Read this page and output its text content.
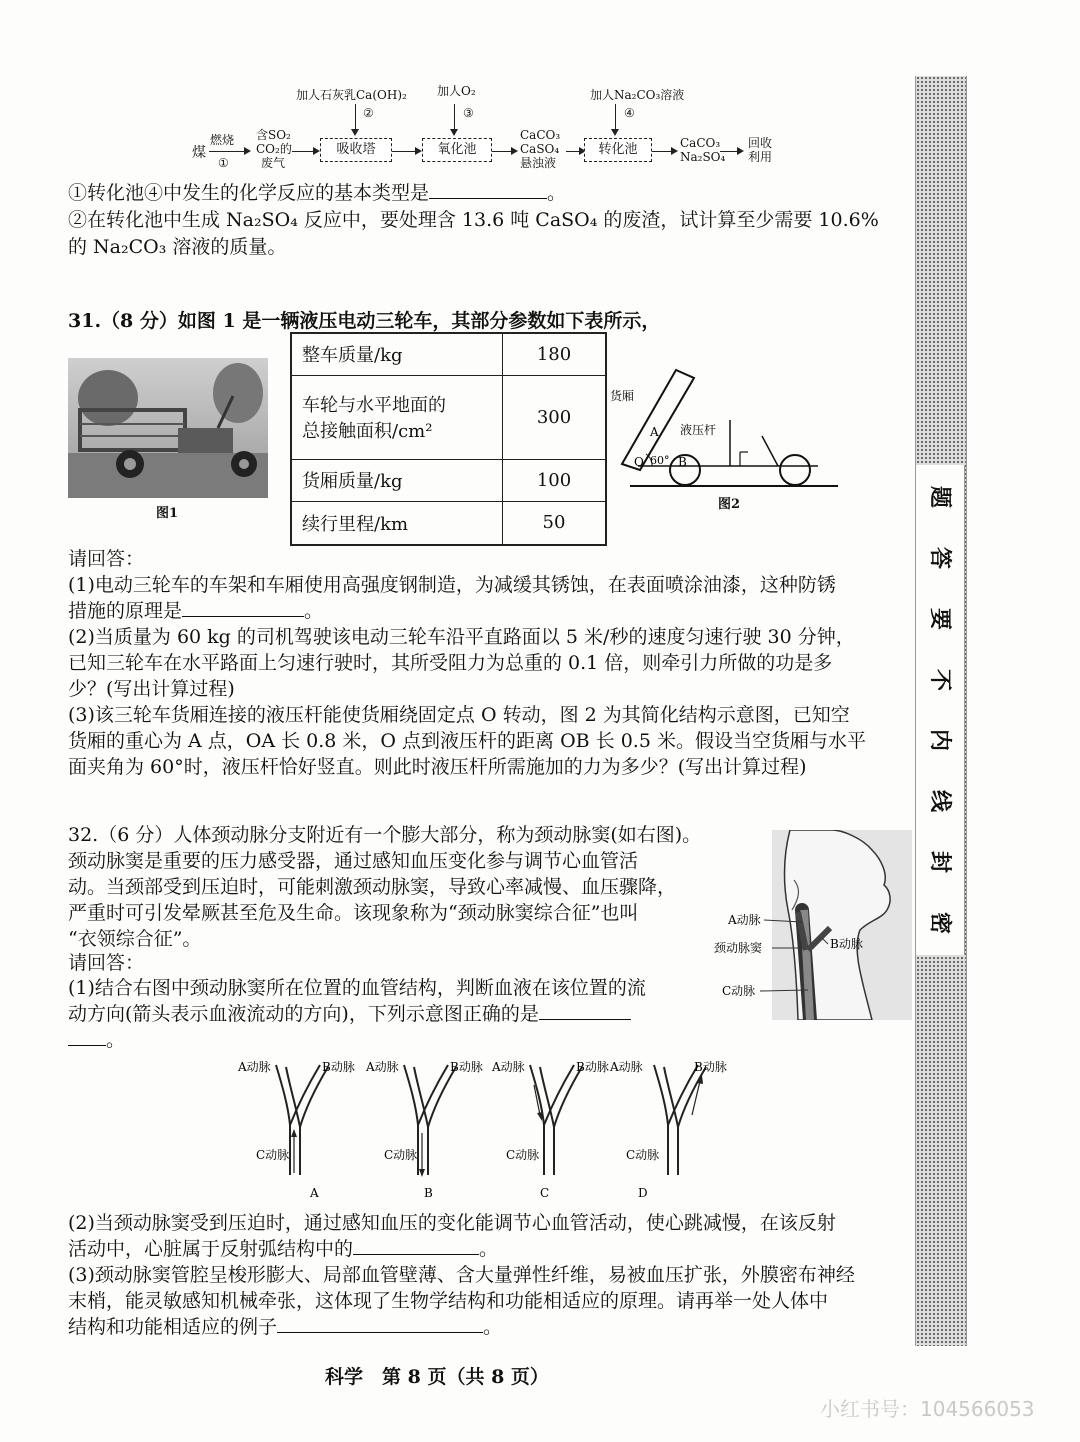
煤
燃烧
①
含SO₂
CO₂的
废气
加人石灰乳Ca(OH)₂
②
吸收塔
加人O₂
③
氧化池
CaCO₃
CaSO₄
悬浊液
加人Na₂CO₃溶液
④
转化池	CaCO₃
Na₂SO₄
回收
利用
①转化池④中发生的化学反应的基本类型是	。
②在转化池中生成 Na₂SO₄ 反应中，要处理含 13.6 吨 CaSO₄ 的废渣，试计算至少需要 10.6%
的 Na₂CO₃ 溶液的质量。
31.（8 分）如图 1 是一辆液压电动三轮车，其部分参数如下表所示，
图1
整车质量/kg	180

车轮与水平地面的
总接触面积/cm²	300
货厢质量/kg	100
续行里程/km	50
货厢
液压杆
A
O 60° B
图2
请回答：
(1)电动三轮车的车架和车厢使用高强度钢制造，为减缓其锈蚀，在表面喷涂油漆，这种防锈
措施的原理是	。
(2)当质量为 60 kg 的司机驾驶该电动三轮车沿平直路面以 5 米/秒的速度匀速行驶 30 分钟，
已知三轮车在水平路面上匀速行驶时，其所受阻力为总重的 0.1 倍，则牵引力所做的功是多
少？(写出计算过程)
(3)该三轮车货厢连接的液压杆能使货厢绕固定点 O 转动，图 2 为其简化结构示意图，已知空
货厢的重心为 A 点，OA 长 0.8 米，O 点到液压杆的距离 OB 长 0.5 米。假设当空货厢与水平
面夹角为 60°时，液压杆恰好竖直。则此时液压杆所需施加的力为多少？(写出计算过程)
32.（6 分）人体颈动脉分支附近有一个膨大部分，称为颈动脉窦(如右图)。
颈动脉窦是重要的压力感受器，通过感知血压变化参与调节心血管活
动。当颈部受到压迫时，可能刺激颈动脉窦，导致心率减慢、血压骤降，
严重时可引发晕厥甚至危及生命。该现象称为“颈动脉窦综合征”也叫
“衣领综合征”。
请回答：
(1)结合右图中颈动脉窦所在位置的血管结构，判断血液在该位置的流
动方向(箭头表示血液流动的方向)，下列示意图正确的是
。
A动脉
颈动脉窦	B动脉
C动脉
A动脉	B动脉
C动脉
A
A动脉	B动脉
C动脉
B
A动脉	B动脉
C动脉
C
A动脉	B动脉
C动脉
D
(2)当颈动脉窦受到压迫时，通过感知血压的变化能调节心血管活动，使心跳减慢，在该反射
活动中，心脏属于反射弧结构中的	。
(3)颈动脉窦管腔呈梭形膨大、局部血管壁薄、含大量弹性纤维，易被血压扩张，外膜密布神经
末梢，能灵敏感知机械牵张，这体现了生物学结构和功能相适应的原理。请再举一处人体中
结构和功能相适应的例子	。
题
答
要
不
内
线
封
密
科学　第 8 页（共 8 页）
小红书号：104566053
